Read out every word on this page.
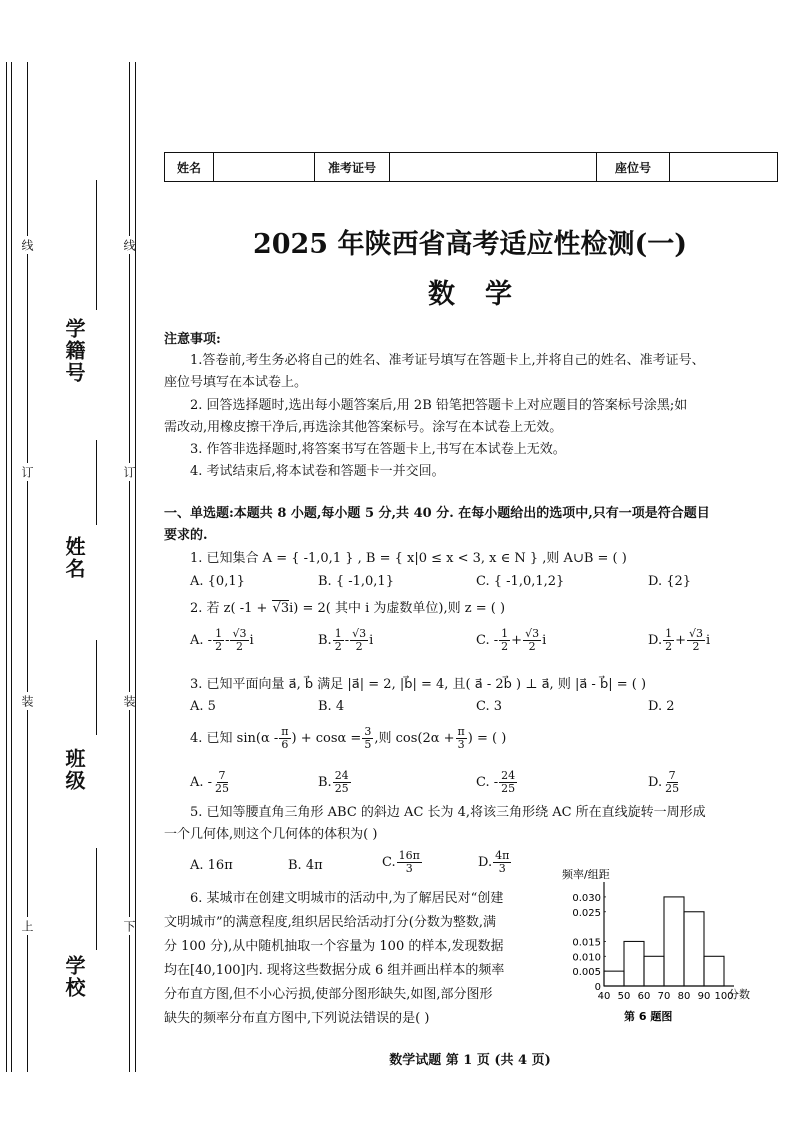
线
订
装
上
线
订
装
下
学籍号
姓名
班级
学校
姓名	准考证号	座位号
2025 年陕西省高考适应性检测(一)
数学
注意事项:
1.答卷前,考生务必将自己的姓名、准考证号填写在答题卡上,并将自己的姓名、准考证号、
座位号填写在本试卷上。
2. 回答选择题时,选出每小题答案后,用 2B 铅笔把答题卡上对应题目的答案标号涂黑;如
需改动,用橡皮擦干净后,再选涂其他答案标号。涂写在本试卷上无效。
3. 作答非选择题时,将答案书写在答题卡上,书写在本试卷上无效。
4. 考试结束后,将本试卷和答题卡一并交回。
一、单选题:本题共 8 小题,每小题 5 分,共 40 分. 在每小题给出的选项中,只有一项是符合题目
要求的.
1. 已知集合 A = { -1,0,1 } , B = { x|0 ≤ x < 3, x ∈ N } ,则 A∪B = ( )
A. {0,1}	B. { -1,0,1}	C. { -1,0,1,2}	D. {2}
2. 若 z( -1 + √3i) = 2( 其中 i 为虚数单位),则 z = ( )
A. - $\frac{1}{2} - \frac{√3}{2}$ i	B. $\frac{1}{2} - \frac{√3}{2}$ i	C. - $\frac{1}{2} + \frac{√3}{2}$ i	D. $\frac{1}{2} + \frac{√3}{2}$ i
3. 已知平面向量 a⃗, b⃗ 满足 |a⃗| = 2, |b⃗| = 4, 且( a⃗ - 2b⃗ ) ⊥ a⃗, 则 |a⃗ - b⃗| = ( )
A. 5	B. 4	C. 3	D. 2
4. 已知 $\sin(\alpha - \frac{\pi}{6}$ ) + $\cos\alpha = \frac{3}{5}$ ,则 $\cos(2\alpha + \frac{\pi}{3}$ ) = ( )
A. - $\frac{7}{25}$	B. $\frac{24}{25}$	C. - $\frac{24}{25}$	D. $\frac{7}{25}$
5. 已知等腰直角三角形 ABC 的斜边 AC 长为 4,将该三角形绕 AC 所在直线旋转一周形成
一个几何体,则这个几何体的体积为( )
A. 16π	B. 4π	C. $\frac{16\pi}{3}$	D. $\frac{4\pi}{3}$
6. 某城市在创建文明城市的活动中,为了解居民对“创建
文明城市”的满意程度,组织居民给活动打分(分数为整数,满
分 100 分),从中随机抽取一个容量为 100 的样本,发现数据
均在[40,100]内. 现将这些数据分成 6 组并画出样本的频率
分布直方图,但不小心污损,使部分图形缺失,如图,部分图形
缺失的频率分布直方图中,下列说法错误的是( )
频率/组距
分数
第 6 题图
0
0.005
0.010
0.015
0.025
0.030
40 50 60 70 80 90 100
数学试题 第 1 页 (共 4 页)
